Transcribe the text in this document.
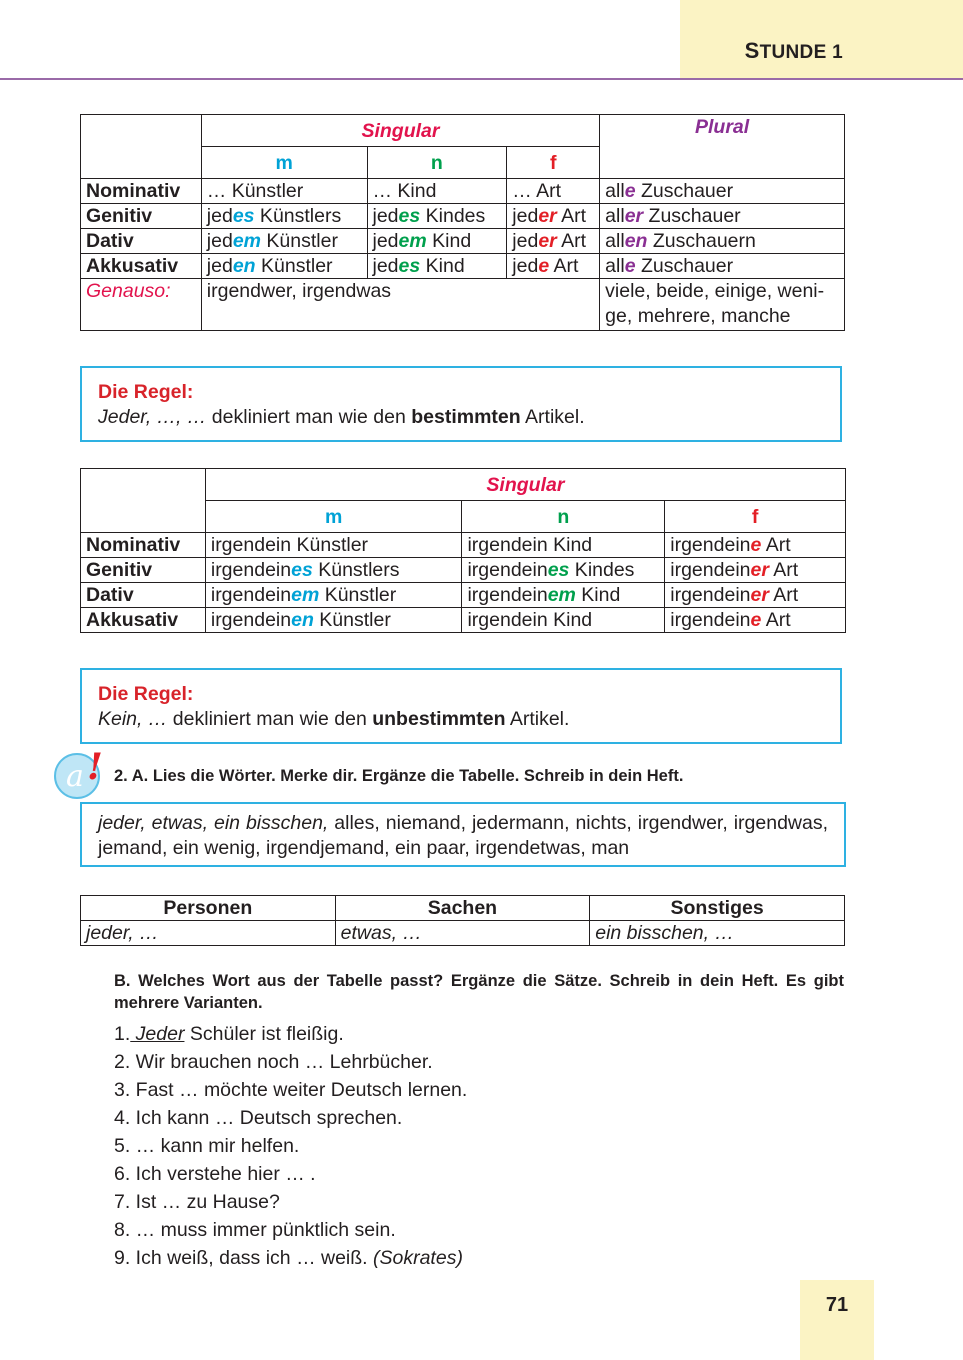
STUNDE 1
	Singular			Plural
	m	n	f	
Nominativ	… Künstler	… Kind	… Art	alle Zuschauer
Genitiv	jedes Künstlers	jedes Kindes	jeder Art	aller Zuschauer
Dativ	jedem Künstler	jedem Kind	jeder Art	allen Zuschauern
Akkusativ	jeden Künstler	jedes Kind	jede Art	alle Zuschauer
Genauso:	irgendwer, irgendwas			viele, beide, einige, weni-
ge, mehrere, manche
Die Regel:
Jeder, …, … dekliniert man wie den bestimmten Artikel.
	Singular		
	m	n	f
Nominativ	irgendein Künstler	irgendein Kind	irgendeine Art
Genitiv	irgendeines Künstlers	irgendeines Kindes	irgendeiner Art
Dativ	irgendeinem Künstler	irgendeinem Kind	irgendeiner Art
Akkusativ	irgendeinen Künstler	irgendein Kind	irgendeine Art
Die Regel:
Kein, … dekliniert man wie den unbestimmten Artikel.
a ! 2. A. Lies die Wörter. Merke dir. Ergänze die Tabelle. Schreib in dein Heft.
jeder, etwas, ein bisschen, alles, niemand, jedermann, nichts, irgendwer, irgendwas, jemand, ein wenig, irgendjemand, ein paar, irgendetwas, man
Personen	Sachen	Sonstiges
jeder, …	etwas, …	ein bisschen, …
B. Welches Wort aus der Tabelle passt? Ergänze die Sätze. Schreib in dein Heft. Es gibt mehrere Varianten.
1. Jeder Schüler ist fleißig.
2. Wir brauchen noch … Lehrbücher.
3. Fast … möchte weiter Deutsch lernen.
4. Ich kann … Deutsch sprechen.
5. … kann mir helfen.
6. Ich verstehe hier … .
7. Ist … zu Hause?
8. … muss immer pünktlich sein.
9. Ich weiß, dass ich … weiß. (Sokrates)
71
